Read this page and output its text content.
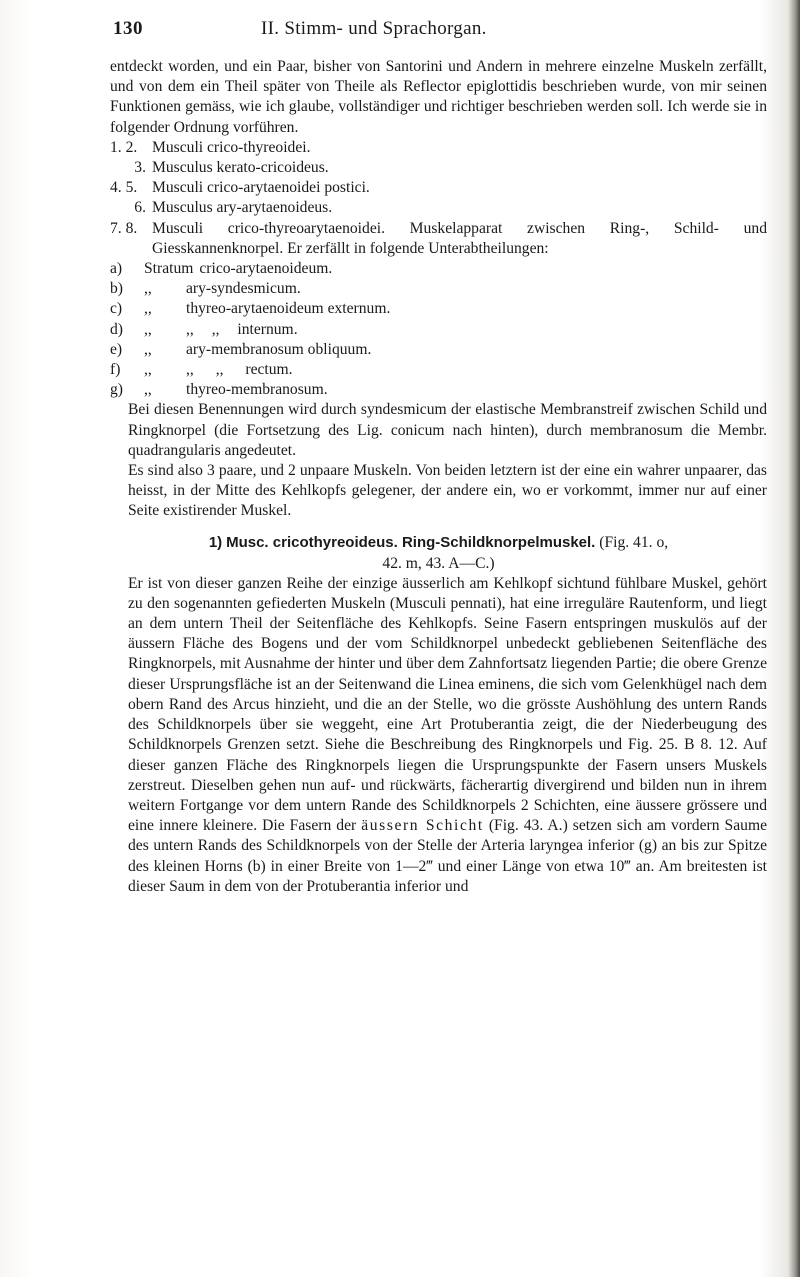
130	II. Stimm- und Sprachorgan.

entdeckt worden, und ein Paar, bisher von Santorini und Andern in mehrere einzelne Muskeln zerfällt, und von dem ein Theil später von Theile als Reflector epiglottidis beschrieben wurde, von mir seinen Funktionen gemäss, wie ich glaube, vollständiger und richtiger beschrieben werden soll. Ich werde sie in folgender Ordnung vorführen.

1. 2. Musculi crico-thyreoidei.
3. Musculus kerato-cricoideus.
4. 5. Musculi crico-arytaenoidei postici.
6. Musculus ary-arytaenoideus.
7. 8. Musculi crico-thyreoarytaenoidei. Muskelapparat zwischen Ring-, Schild- und Giesskannenknorpel. Er zerfällt in folgende Unterabtheilungen:
a)	Stratum crico-arytaenoideum.
b)	,,	ary-syndesmicum.
c)	,,	thyreo-arytaenoideum externum.
d)	,,	,, ,, internum.
e)	,,	ary-membranosum obliquum.
f)	,,	,, ,, rectum.
g)	,,	thyreo-membranosum.

Bei diesen Benennungen wird durch syndesmicum der elastische Membranstreif zwischen Schild und Ringknorpel (die Fortsetzung des Lig. conicum nach hinten), durch membranosum die Membr. quadrangularis angedeutet.

Es sind also 3 paare, und 2 unpaare Muskeln. Von beiden letztern ist der eine ein wahrer unpaarer, das heisst, in der Mitte des Kehlkopfs gelegener, der andere ein, wo er vorkommt, immer nur auf einer Seite existirender Muskel.

1) Musc. cricothyreoideus. Ring-Schildknorpelmuskel. (Fig. 41. o,

42. m, 43. A—C.)

Er ist von dieser ganzen Reihe der einzige äusserlich am Kehlkopf sichtund fühlbare Muskel, gehört zu den sogenannten gefiederten Muskeln (Musculi pennati), hat eine irreguläre Rautenform, und liegt an dem untern Theil der Seitenfläche des Kehlkopfs. Seine Fasern entspringen muskulös auf der äussern Fläche des Bogens und der vom Schildknorpel unbedeckt gebliebenen Seitenfläche des Ringknorpels, mit Ausnahme der hinter und über dem Zahnfortsatz liegenden Partie; die obere Grenze dieser Ursprungsfläche ist an der Seitenwand die Linea eminens, die sich vom Gelenkhügel nach dem obern Rand des Arcus hinzieht, und die an der Stelle, wo die grösste Aushöhlung des untern Rands des Schildknorpels über sie weggeht, eine Art Protuberantia zeigt, die der Niederbeugung des Schildknorpels Grenzen setzt. Siehe die Beschreibung des Ringknorpels und Fig. 25. B 8. 12. Auf dieser ganzen Fläche des Ringknorpels liegen die Ursprungspunkte der Fasern unsers Muskels zerstreut. Dieselben gehen nun auf- und rückwärts, fächerartig divergirend und bilden nun in ihrem weitern Fortgange vor dem untern Rande des Schildknorpels 2 Schichten, eine äussere grössere und eine innere kleinere. Die Fasern der äussern Schicht (Fig. 43. A.) setzen sich am vordern Saume des untern Rands des Schildknorpels von der Stelle der Arteria laryngea inferior (g) an bis zur Spitze des kleinen Horns (b) in einer Breite von 1—2‴ und einer Länge von etwa 10‴ an. Am breitesten ist dieser Saum in dem von der Protuberantia inferior und
